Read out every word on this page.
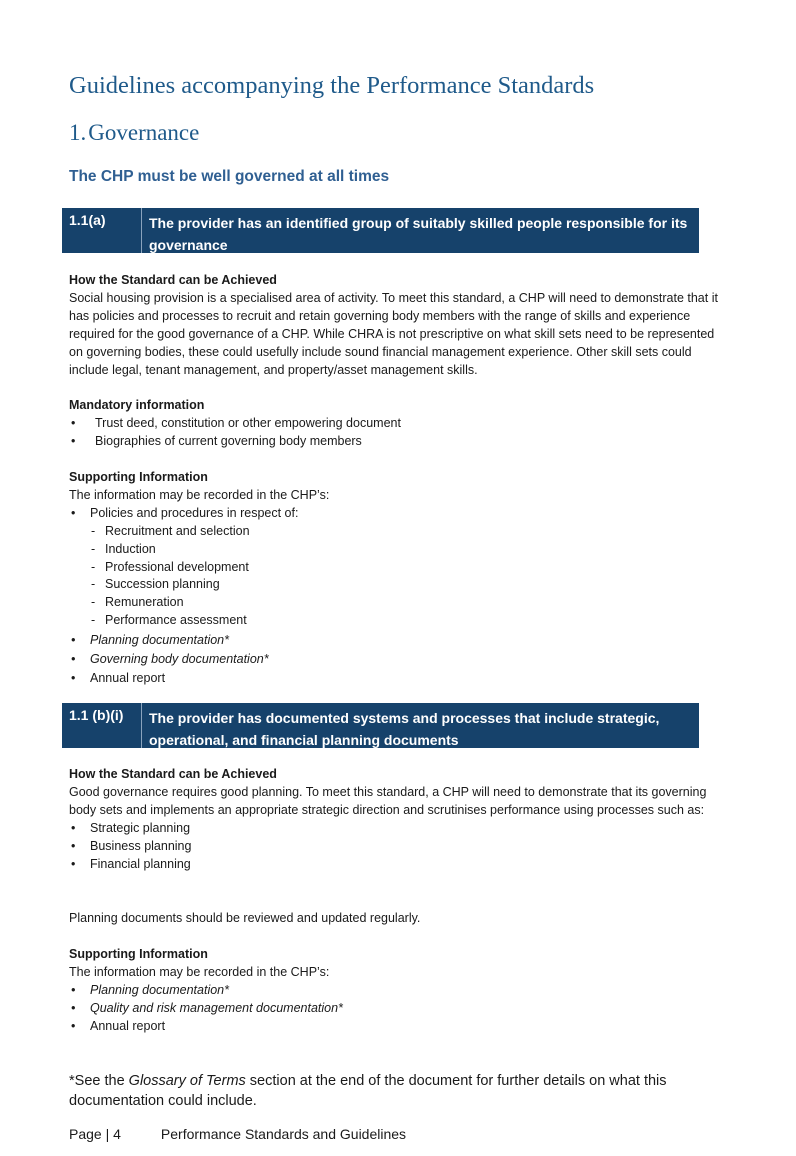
Guidelines accompanying the Performance Standards
1.Governance
The CHP must be well governed at all times
1.1(a)	The provider has an identified group of suitably skilled people responsible for its governance

How the Standard can be Achieved

Social housing provision is a specialised area of activity. To meet this standard, a CHP will need to demonstrate that it has policies and processes to recruit and retain governing body members with the range of skills and experience required for the good governance of a CHP. While CHRA is not prescriptive on what skill sets need to be represented on governing bodies, these could usefully include sound financial management experience. Other skill sets could include legal, tenant management, and property/asset management skills.

Mandatory information

• Trust deed, constitution or other empowering document
• Biographies of current governing body members

Supporting Information

The information may be recorded in the CHP’s:

• Policies and procedures in respect of:
- Recruitment and selection
- Induction
- Professional development
- Succession planning
- Remuneration
- Performance assessment
• Planning documentation*
• Governing body documentation*
• Annual report
1.1 (b)(i)	The provider has documented systems and processes that include strategic, operational, and financial planning documents

How the Standard can be Achieved

Good governance requires good planning. To meet this standard, a CHP will need to demonstrate that its governing body sets and implements an appropriate strategic direction and scrutinises performance using processes such as:

• Strategic planning
• Business planning
• Financial planning

Planning documents should be reviewed and updated regularly.

Supporting Information

The information may be recorded in the CHP’s:

• Planning documentation*
• Quality and risk management documentation*
• Annual report

*See the Glossary of Terms section at the end of the document for further details on what this documentation could include.

Page | 4	Performance Standards and Guidelines
